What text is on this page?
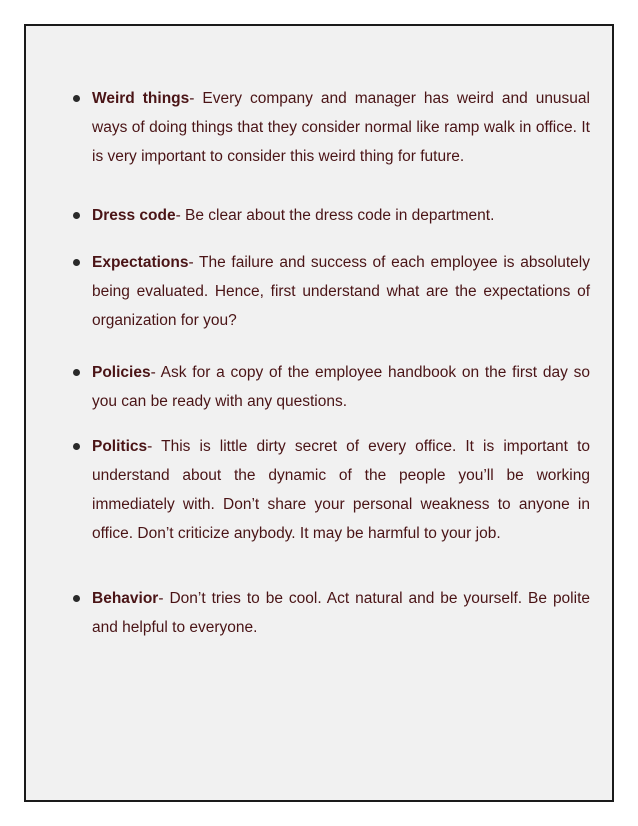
Weird things- Every company and manager has weird and unusual ways of doing things that they consider normal like ramp walk in office. It is very important to consider this weird thing for future.
Dress code- Be clear about the dress code in department.
Expectations- The failure and success of each employee is absolutely being evaluated. Hence, first understand what are the expectations of organization for you?
Policies- Ask for a copy of the employee handbook on the first day so you can be ready with any questions.
Politics- This is little dirty secret of every office. It is important to understand about the dynamic of the people you’ll be working immediately with. Don’t share your personal weakness to anyone in office. Don’t criticize anybody. It may be harmful to your job.
Behavior- Don’t tries to be cool. Act natural and be yourself. Be polite and helpful to everyone.
